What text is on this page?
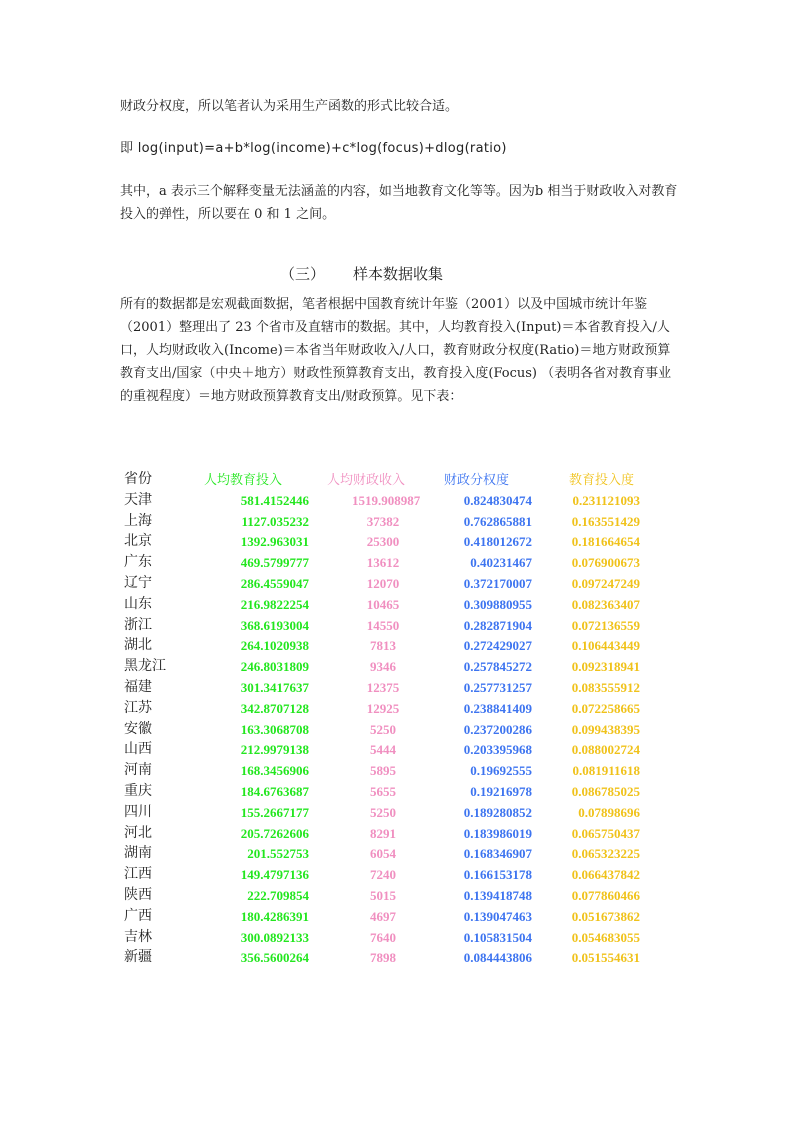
财政分权度，所以笔者认为采用生产函数的形式比较合适。
即 log(input)=a+b*log(income)+c*log(focus)+dlog(ratio)
其中，a 表示三个解释变量无法涵盖的内容，如当地教育文化等等。因为b 相当于财政收入对教育投入的弹性，所以要在 0 和 1 之间。
（三） 样本数据收集
所有的数据都是宏观截面数据，笔者根据中国教育统计年鉴（2001）以及中国城市统计年鉴（2001）整理出了 23 个省市及直辖市的数据。其中，人均教育投入(Input)＝本省教育投入/人口，人均财政收入(Income)＝本省当年财政收入/人口，教育财政分权度(Ratio)＝地方财政预算教育支出/国家（中央＋地方）财政性预算教育支出，教育投入度(Focus) （表明各省对教育事业的重视程度）＝地方财政预算教育支出/财政预算。见下表：
省份	人均教育投入	人均财政收入	财政分权度	教育投入度
天津	581.4152446	1519.908987	0.824830474	0.231121093
上海	1127.035232	37382	0.762865881	0.163551429
北京	1392.963031	25300	0.418012672	0.181664654
广东	469.5799777	13612	0.40231467	0.076900673
辽宁	286.4559047	12070	0.372170007	0.097247249
山东	216.9822254	10465	0.309880955	0.082363407
浙江	368.6193004	14550	0.282871904	0.072136559
湖北	264.1020938	7813	0.272429027	0.106443449
黑龙江	246.8031809	9346	0.257845272	0.092318941
福建	301.3417637	12375	0.257731257	0.083555912
江苏	342.8707128	12925	0.238841409	0.072258665
安徽	163.3068708	5250	0.237200286	0.099438395
山西	212.9979138	5444	0.203395968	0.088002724
河南	168.3456906	5895	0.19692555	0.081911618
重庆	184.6763687	5655	0.19216978	0.086785025
四川	155.2667177	5250	0.189280852	0.07898696
河北	205.7262606	8291	0.183986019	0.065750437
湖南	201.552753	6054	0.168346907	0.065323225
江西	149.4797136	7240	0.166153178	0.066437842
陕西	222.709854	5015	0.139418748	0.077860466
广西	180.4286391	4697	0.139047463	0.051673862
吉林	300.0892133	7640	0.105831504	0.054683055
新疆	356.5600264	7898	0.084443806	0.051554631
